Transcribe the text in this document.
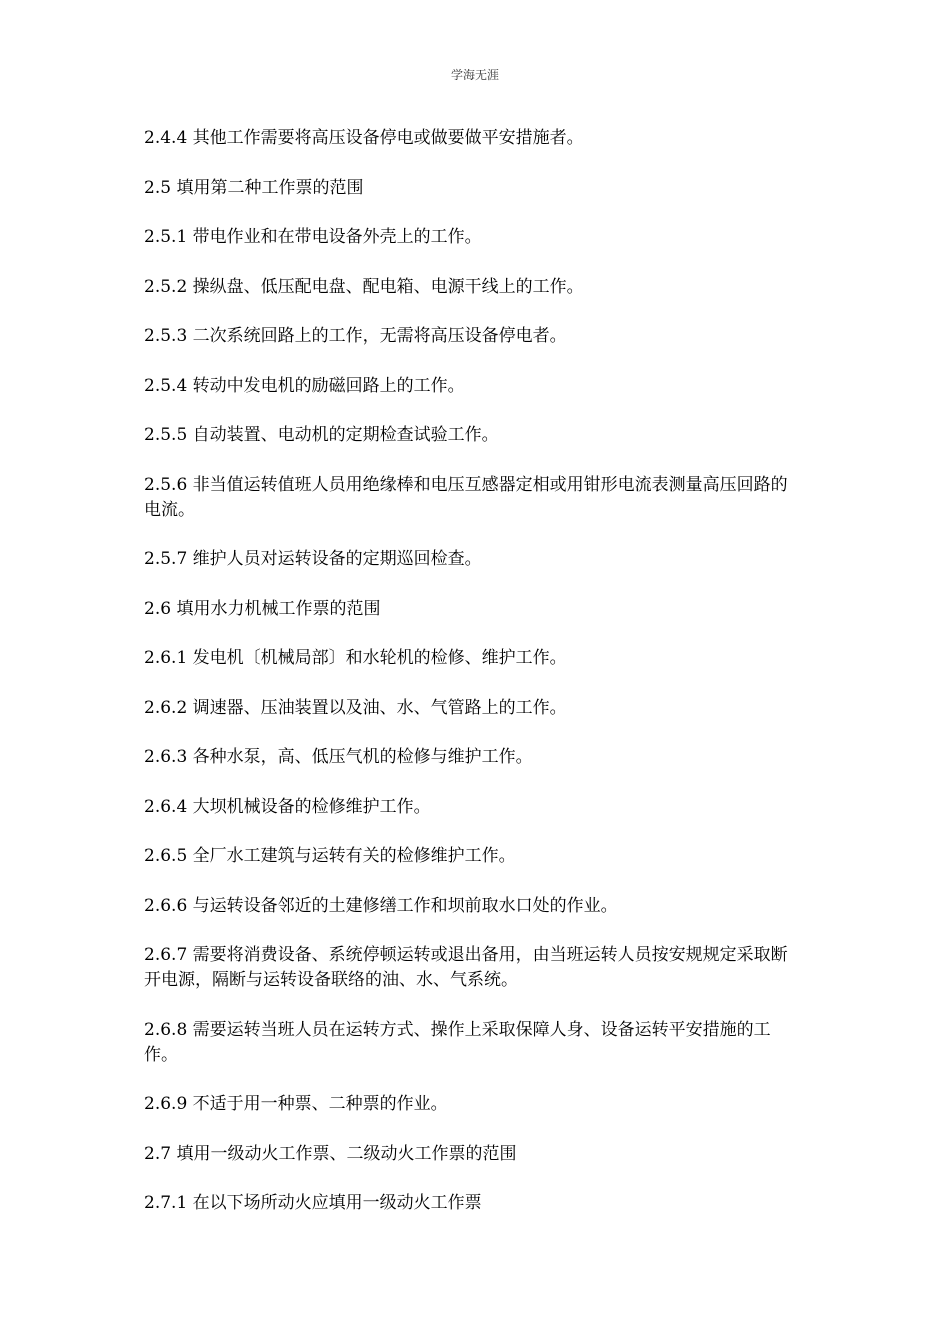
学海无涯

2.4.4 其他工作需要将高压设备停电或做要做平安措施者。

2.5 填用第二种工作票的范围

2.5.1 带电作业和在带电设备外壳上的工作。

2.5.2 操纵盘、低压配电盘、配电箱、电源干线上的工作。

2.5.3 二次系统回路上的工作，无需将高压设备停电者。

2.5.4 转动中发电机的励磁回路上的工作。

2.5.5 自动装置、电动机的定期检查试验工作。

2.5.6 非当值运转值班人员用绝缘棒和电压互感器定相或用钳形电流表测量高压回路的电流。

2.5.7 维护人员对运转设备的定期巡回检查。

2.6 填用水力机械工作票的范围

2.6.1 发电机〔机械局部〕和水轮机的检修、维护工作。

2.6.2 调速器、压油装置以及油、水、气管路上的工作。

2.6.3 各种水泵，高、低压气机的检修与维护工作。

2.6.4 大坝机械设备的检修维护工作。

2.6.5 全厂水工建筑与运转有关的检修维护工作。

2.6.6 与运转设备邻近的土建修缮工作和坝前取水口处的作业。

2.6.7 需要将消费设备、系统停顿运转或退出备用，由当班运转人员按安规规定采取断开电源，隔断与运转设备联络的油、水、气系统。

2.6.8 需要运转当班人员在运转方式、操作上采取保障人身、设备运转平安措施的工作。

2.6.9 不适于用一种票、二种票的作业。

2.7 填用一级动火工作票、二级动火工作票的范围

2.7.1 在以下场所动火应填用一级动火工作票
